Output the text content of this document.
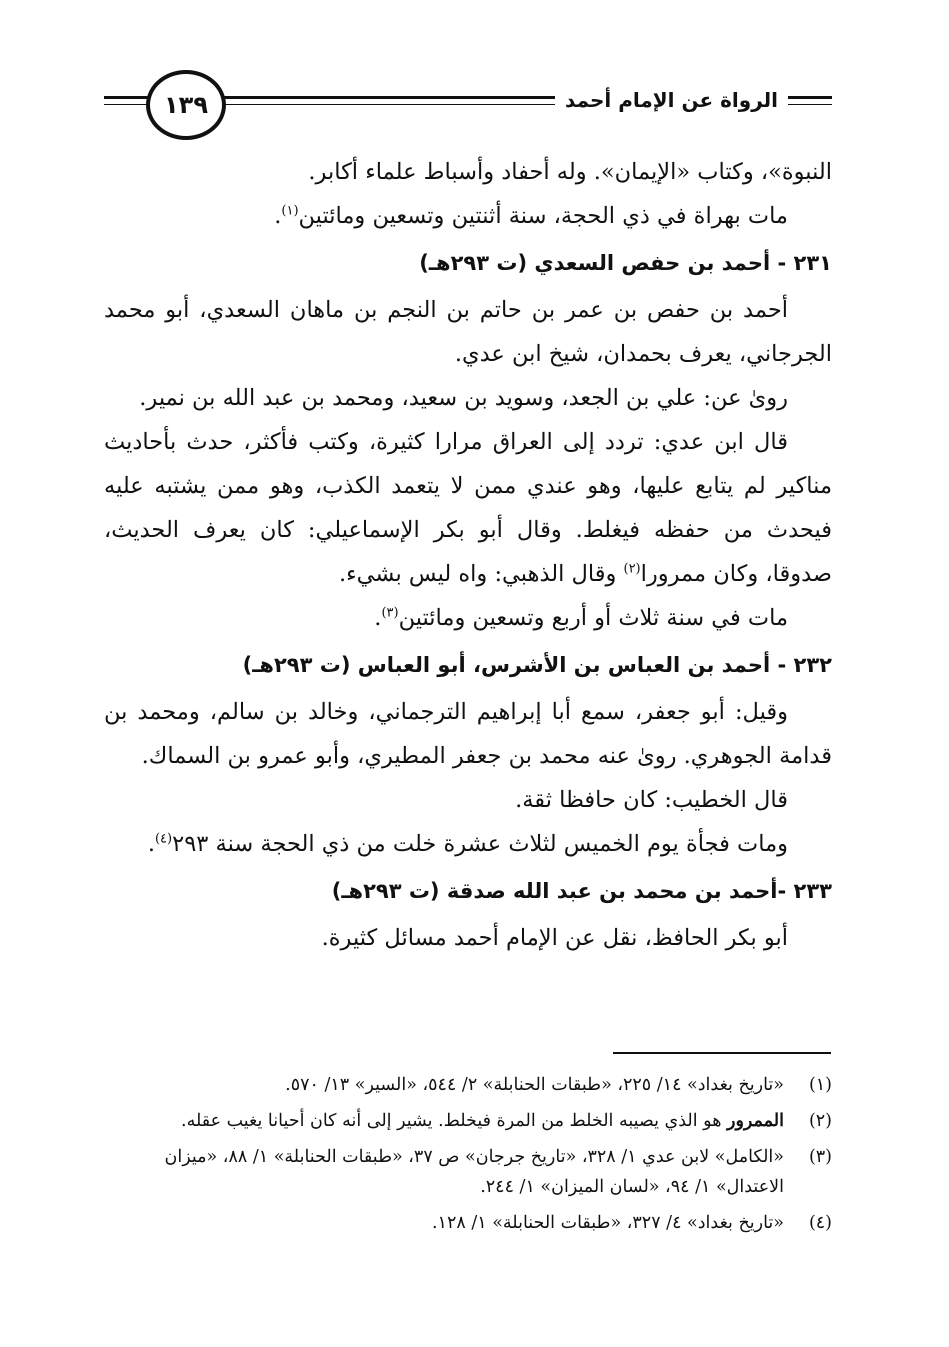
الرواة عن الإمام أحمد
١٣٩

النبوة»، وكتاب «الإيمان». وله أحفاد وأسباط علماء أكابر.

مات بهراة في ذي الحجة، سنة أثنتين وتسعين ومائتين$^{(١)}$.

٢٣١ - أحمد بن حفص السعدي (ت ٢٩٣هـ)

أحمد بن حفص بن عمر بن حاتم بن النجم بن ماهان السعدي، أبو محمد الجرجاني، يعرف بحمدان، شيخ ابن عدي.

روىٰ عن: علي بن الجعد، وسويد بن سعيد، ومحمد بن عبد الله بن نمير.

قال ابن عدي: تردد إلى العراق مرارا كثيرة، وكتب فأكثر، حدث بأحاديث مناكير لم يتابع عليها، وهو عندي ممن لا يتعمد الكذب، وهو ممن يشتبه عليه فيحدث من حفظه فيغلط. وقال أبو بكر الإسماعيلي: كان يعرف الحديث، صدوقا، وكان ممرورا$^{(٢)}$ وقال الذهبي: واه ليس بشيء.

مات في سنة ثلاث أو أربع وتسعين ومائتين$^{(٣)}$.

٢٣٢ - أحمد بن العباس بن الأشرس، أبو العباس (ت ٢٩٣هـ)

وقيل: أبو جعفر، سمع أبا إبراهيم الترجماني، وخالد بن سالم، ومحمد بن قدامة الجوهري. روىٰ عنه محمد بن جعفر المطيري، وأبو عمرو بن السماك.

قال الخطيب: كان حافظا ثقة.

ومات فجأة يوم الخميس لثلاث عشرة خلت من ذي الحجة سنة ٢٩٣$^{(٤)}$.

٢٣٣ -أحمد بن محمد بن عبد الله صدقة (ت ٢٩٣هـ)

أبو بكر الحافظ، نقل عن الإمام أحمد مسائل كثيرة.

(١)
«تاريخ بغداد» ١٤/ ٢٢٥، «طبقات الحنابلة» ٢/ ٥٤٤، «السير» ١٣/ ٥٧٠.
(٢)
الممرور هو الذي يصيبه الخلط من المرة فيخلط. يشير إلى أنه كان أحيانا يغيب عقله.
(٣)
«الكامل» لابن عدي ١/ ٣٢٨، «تاريخ جرجان» ص ٣٧، «طبقات الحنابلة» ١/ ٨٨، «ميزان الاعتدال» ١/ ٩٤، «لسان الميزان» ١/ ٢٤٤.
(٤)
«تاريخ بغداد» ٤/ ٣٢٧، «طبقات الحنابلة» ١/ ١٢٨.
